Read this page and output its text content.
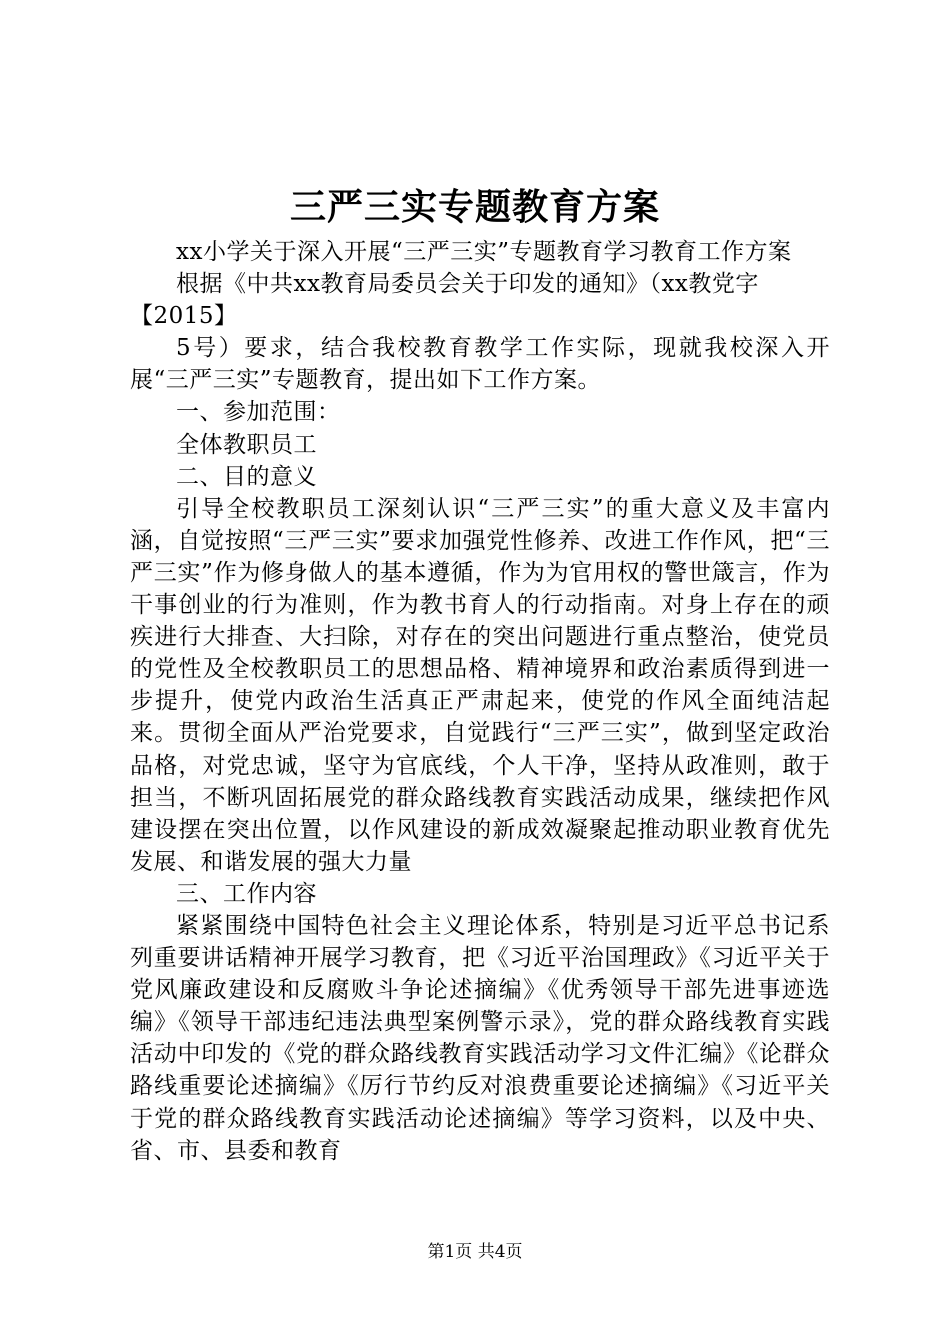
三严三实专题教育方案

xx小学关于深入开展“三严三实”专题教育学习教育工作方案

根据《中共xx教育局委员会关于印发的通知》（xx教党字

【2015】

5号）要求，结合我校教育教学工作实际，现就我校深入开展“三严三实”专题教育，提出如下工作方案。

一、参加范围：

全体教职员工

二、目的意义

引导全校教职员工深刻认识“三严三实”的重大意义及丰富内涵，自觉按照“三严三实”要求加强党性修养、改进工作作风，把“三严三实”作为修身做人的基本遵循，作为为官用权的警世箴言，作为干事创业的行为准则，作为教书育人的行动指南。对身上存在的顽疾进行大排查、大扫除，对存在的突出问题进行重点整治，使党员的党性及全校教职员工的思想品格、精神境界和政治素质得到进一步提升，使党内政治生活真正严肃起来，使党的作风全面纯洁起来。贯彻全面从严治党要求，自觉践行“三严三实”，做到坚定政治品格，对党忠诚，坚守为官底线，个人干净，坚持从政准则，敢于担当，不断巩固拓展党的群众路线教育实践活动成果，继续把作风建设摆在突出位置，以作风建设的新成效凝聚起推动职业教育优先发展、和谐发展的强大力量

三、工作内容

紧紧围绕中国特色社会主义理论体系，特别是习近平总书记系列重要讲话精神开展学习教育，把《习近平治国理政》《习近平关于党风廉政建设和反腐败斗争论述摘编》《优秀领导干部先进事迹选编》《领导干部违纪违法典型案例警示录》，党的群众路线教育实践活动中印发的《党的群众路线教育实践活动学习文件汇编》《论群众路线重要论述摘编》《厉行节约反对浪费重要论述摘编》《习近平关于党的群众路线教育实践活动论述摘编》等学习资料，以及中央、省、市、县委和教育

第1页 共4页
